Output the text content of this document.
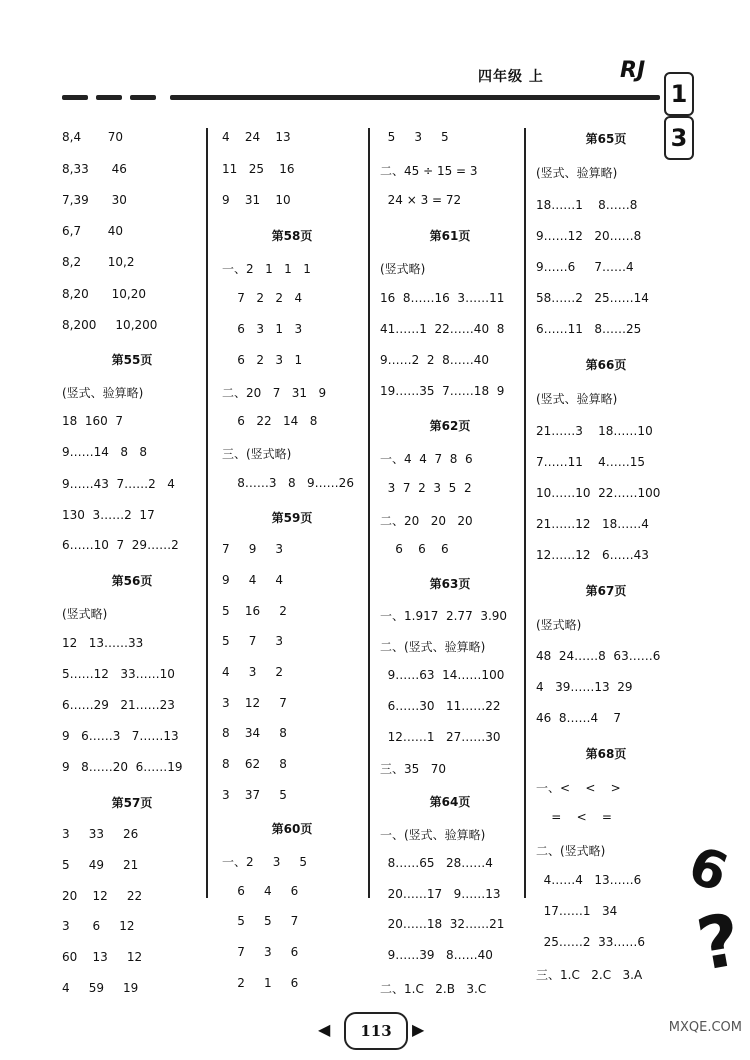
四年级 上	RJ
1 3
8,4       70
8,33      46
7,39      30
6,7       40
8,2       10,2
8,20      10,20
8,200     10,200
第55页
(竖式、验算略)
18  160  7
9……14   8   8
9……43  7……2   4
130  3……2  17
6……10  7  29……2
第56页
(竖式略)
12   13……33
5……12   33……10
6……29   21……23
9   6……3   7……13
9   8……20  6……19
第57页
3     33     26
5     49     21
20    12     22
3      6     12
60    13     12
4     59     19
4    24    13
11   25    16
9    31    10
第58页
一、2   1   1   1
7   2   2   4
6   3   1   3
6   2   3   1
二、20   7   31   9
6   22   14   8
三、(竖式略)
8……3   8   9……26
第59页
7     9     3
9     4     4
5    16     2
5     7     3
4     3     2
3    12     7
8    34     8
8    62     8
3    37     5
第60页
一、2     3     5
6     4     6
5     5     7
7     3     6
2     1     6
5     3     5
二、45 ÷ 15 = 3
24 × 3 = 72
第61页
(竖式略)
16  8……16  3……11
41……1  22……40  8
9……2  2  8……40
19……35  7……18  9
第62页
一、4  4  7  8  6
3  7  2  3  5  2
二、20   20   20
6    6    6
第63页
一、1.917  2.77  3.90
二、(竖式、验算略)
9……63  14……100
6……30   11……22
12……1   27……30
三、35   70
第64页
一、(竖式、验算略)
8……65   28……4
20……17   9……13
20……18  32……21
9……39   8……40
二、1.C   2.B   3.C
第65页
(竖式、验算略)
18……1    8……8
9……12   20……8
9……6     7……4
58……2   25……14
6……11   8……25
第66页
(竖式、验算略)
21……3    18……10
7……11    4……15
10……10  22……100
21……12   18……4
12……12   6……43
第67页
(竖式略)
48  24……8  63……6
4   39……13  29
46  8……4    7
第68页
一、<    <    >
=    <    =
二、(竖式略)
4……4   13……6
17……1   34
25……2  33……6
三、1.C   2.C   3.A
6
?
◀	113	▶	MXQE.COM
